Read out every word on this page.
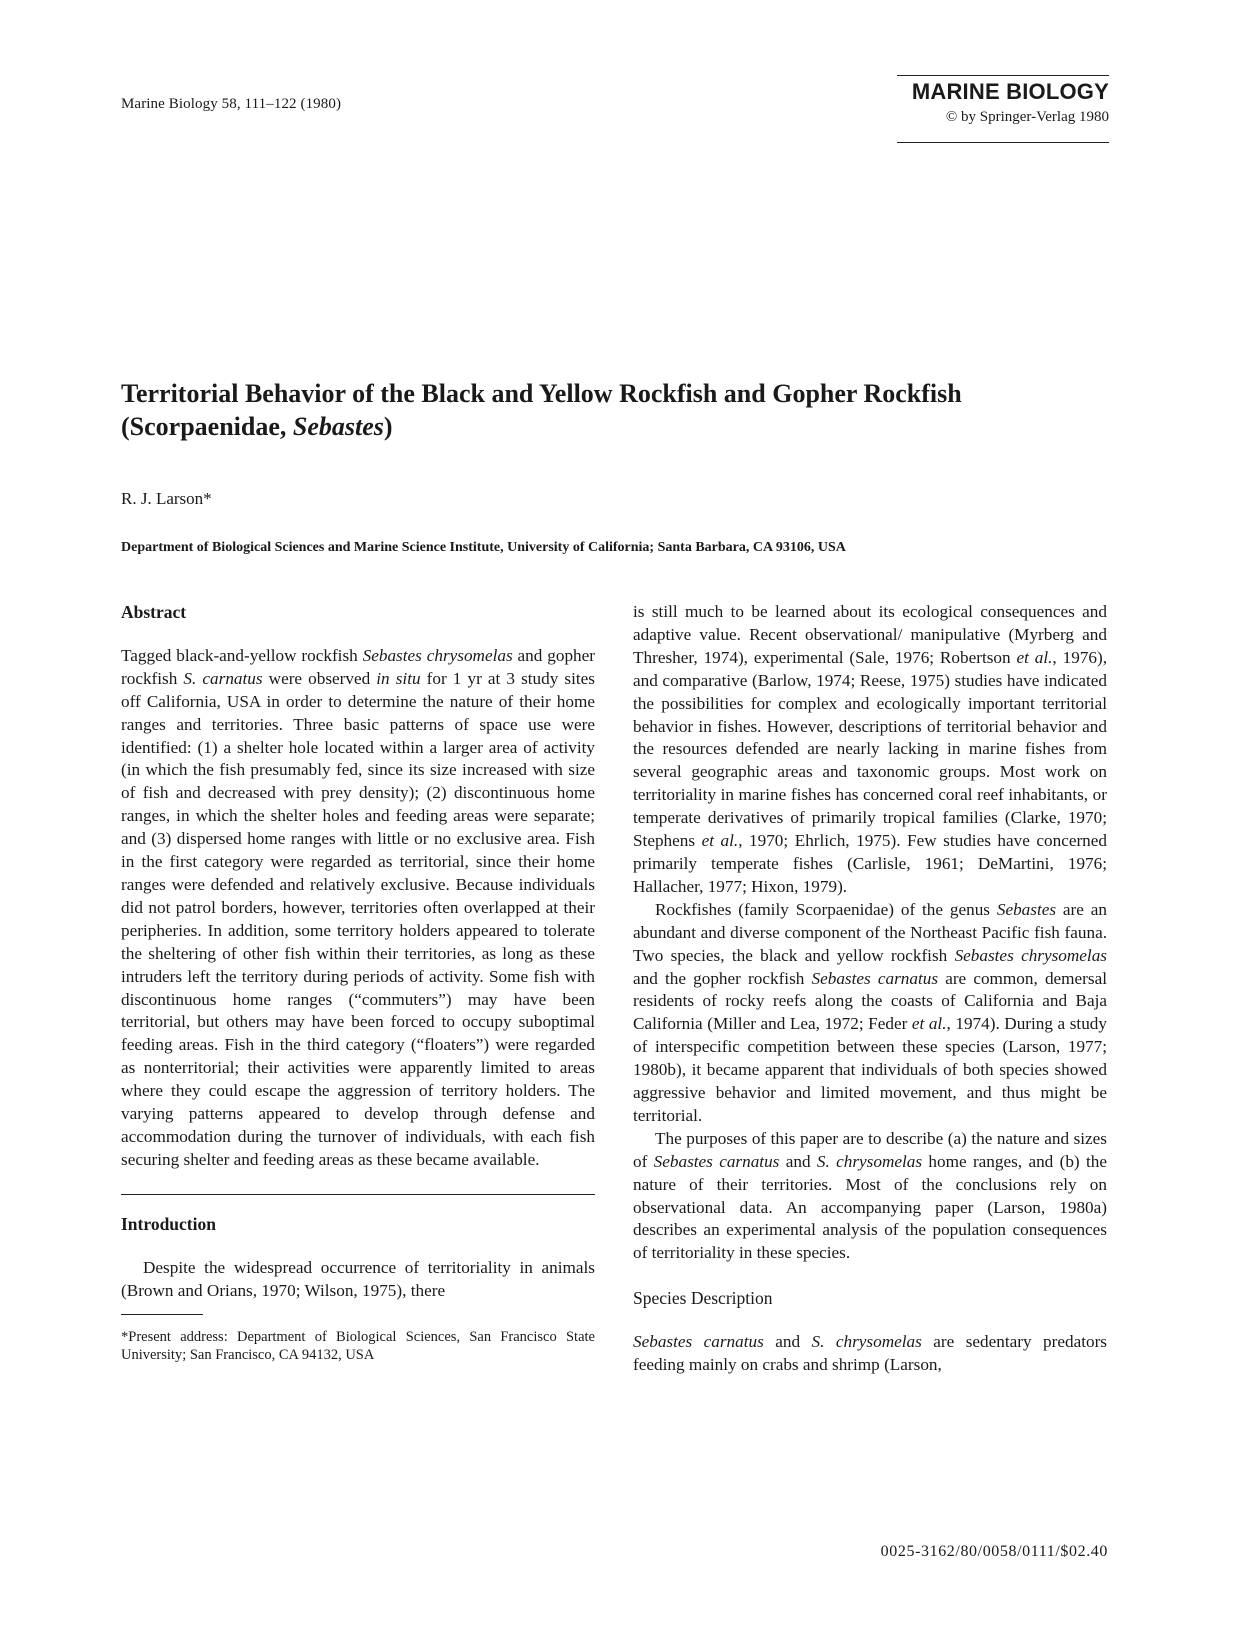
Marine Biology 58, 111–122 (1980)	MARINE BIOLOGY
© by Springer-Verlag 1980
Territorial Behavior of the Black and Yellow Rockfish and Gopher Rockfish
(Scorpaenidae, Sebastes)
R. J. Larson*
Department of Biological Sciences and Marine Science Institute, University of California; Santa Barbara, CA 93106, USA

Abstract

Tagged black-and-yellow rockfish Sebastes chrysomelas and gopher rockfish S. carnatus were observed in situ for 1 yr at 3 study sites off California, USA in order to determine the nature of their home ranges and territories. Three basic patterns of space use were identified: (1) a shelter hole located within a larger area of activity (in which the fish presumably fed, since its size increased with size of fish and decreased with prey density); (2) discontinuous home ranges, in which the shelter holes and feeding areas were separate; and (3) dispersed home ranges with little or no exclusive area. Fish in the first category were regarded as territorial, since their home ranges were defended and relatively exclusive. Because individuals did not patrol borders, however, territories often overlapped at their peripheries. In addition, some territory holders appeared to tolerate the sheltering of other fish within their territories, as long as these intruders left the territory during periods of activity. Some fish with discontinuous home ranges (“commuters”) may have been territorial, but others may have been forced to occupy suboptimal feeding areas. Fish in the third category (“floaters”) were regarded as nonterritorial; their activities were apparently limited to areas where they could escape the aggression of territory holders. The varying patterns appeared to develop through defense and accommodation during the turnover of individuals, with each fish securing shelter and feeding areas as these became available.

Introduction

Despite the widespread occurrence of territoriality in animals (Brown and Orians, 1970; Wilson, 1975), there

*Present address: Department of Biological Sciences, San Francisco State University; San Francisco, CA 94132, USA

is still much to be learned about its ecological consequences and adaptive value. Recent observational/ manipulative (Myrberg and Thresher, 1974), experimental (Sale, 1976; Robertson et al., 1976), and comparative (Barlow, 1974; Reese, 1975) studies have indicated the possibilities for complex and ecologically important territorial behavior in fishes. However, descriptions of territorial behavior and the resources defended are nearly lacking in marine fishes from several geographic areas and taxonomic groups. Most work on territoriality in marine fishes has concerned coral reef inhabitants, or temperate derivatives of primarily tropical families (Clarke, 1970; Stephens et al., 1970; Ehrlich, 1975). Few studies have concerned primarily temperate fishes (Carlisle, 1961; DeMartini, 1976; Hallacher, 1977; Hixon, 1979).

Rockfishes (family Scorpaenidae) of the genus Sebastes are an abundant and diverse component of the Northeast Pacific fish fauna. Two species, the black and yellow rockfish Sebastes chrysomelas and the gopher rockfish Sebastes carnatus are common, demersal residents of rocky reefs along the coasts of California and Baja California (Miller and Lea, 1972; Feder et al., 1974). During a study of interspecific competition between these species (Larson, 1977; 1980b), it became apparent that individuals of both species showed aggressive behavior and limited movement, and thus might be territorial.

The purposes of this paper are to describe (a) the nature and sizes of Sebastes carnatus and S. chrysomelas home ranges, and (b) the nature of their territories. Most of the conclusions rely on observational data. An accompanying paper (Larson, 1980a) describes an experimental analysis of the population consequences of territoriality in these species.

Species Description

Sebastes carnatus and S. chrysomelas are sedentary predators feeding mainly on crabs and shrimp (Larson,

0025-3162/80/0058/0111/$02.40
